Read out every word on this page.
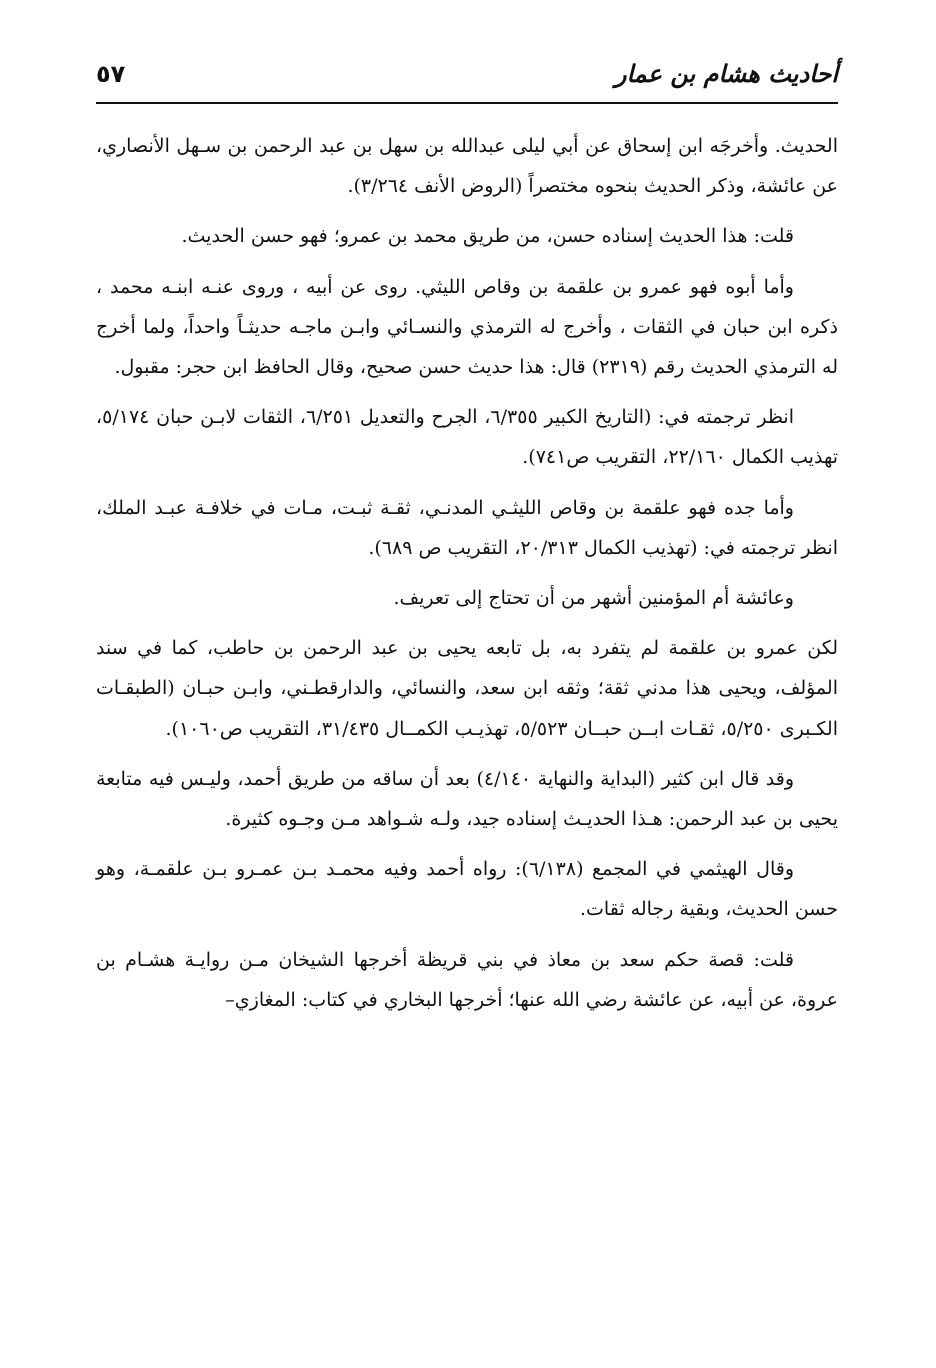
أحاديث هشام بن عمار
٥٧

الحديث. وأخرجَه ابن إسحاق عن أبي ليلى عبدالله بن سهل بن عبد الرحمن بن سـهل الأنصاري، عن عائشة، وذكر الحديث بنحوه مختصراً (الروض الأنف ٣/٢٦٤).

قلت: هذا الحديث إسناده حسن، من طريق محمد بن عمرو؛ فهو حسن الحديث.

وأما أبوه فهو عمرو بن علقمة بن وقاص الليثي. روى عن أبيه ، وروى عنـه ابنـه محمد ، ذكره ابن حبان في الثقات ، وأخرج له الترمذي والنسـائي وابـن ماجـه حديثـاً واحداً، ولما أخرج له الترمذي الحديث رقم (٢٣١٩) قال: هذا حديث حسن صحيح، وقال الحافظ ابن حجر: مقبول.

انظر ترجمته في: (التاريخ الكبير ٦/٣٥٥، الجرح والتعديل ٦/٢٥١، الثقات لابـن حبان ٥/١٧٤، تهذيب الكمال ٢٢/١٦٠، التقريب ص٧٤١).

وأما جده فهو علقمة بن وقاص الليثـي المدنـي، ثقـة ثبـت، مـات في خلافـة عبـد الملك، انظر ترجمته في: (تهذيب الكمال ٢٠/٣١٣، التقريب ص ٦٨٩).

وعائشة أم المؤمنين أشهر من أن تحتاج إلى تعريف.

لكن عمرو بن علقمة لم يتفرد به، بل تابعه يحيى بن عبد الرحمن بن حاطب، كما في سند المؤلف، ويحيى هذا مدني ثقة؛ وثقه ابن سعد، والنسائي، والدارقطـني، وابـن حبـان (الطبقـات الكـبرى ٥/٢٥٠، ثقـات ابــن حبــان ٥/٥٢٣، تهذيـب الكمــال ٣١/٤٣٥، التقريب ص١٠٦٠).

وقد قال ابن كثير (البداية والنهاية ٤/١٤٠) بعد أن ساقه من طريق أحمد، وليـس فيه متابعة يحيى بن عبد الرحمن: هـذا الحديـث إسناده جيد، ولـه شـواهد مـن وجـوه كثيرة.

وقال الهيثمي في المجمع (٦/١٣٨): رواه أحمد وفيه محمـد بـن عمـرو بـن علقمـة، وهو حسن الحديث، وبقية رجاله ثقات.

قلت: قصة حكم سعد بن معاذ في بني قريظة أخرجها الشيخان مـن روايـة هشـام بن عروة، عن أبيه، عن عائشة رضي الله عنها؛ أخرجها البخاري في كتاب: المغازي–
